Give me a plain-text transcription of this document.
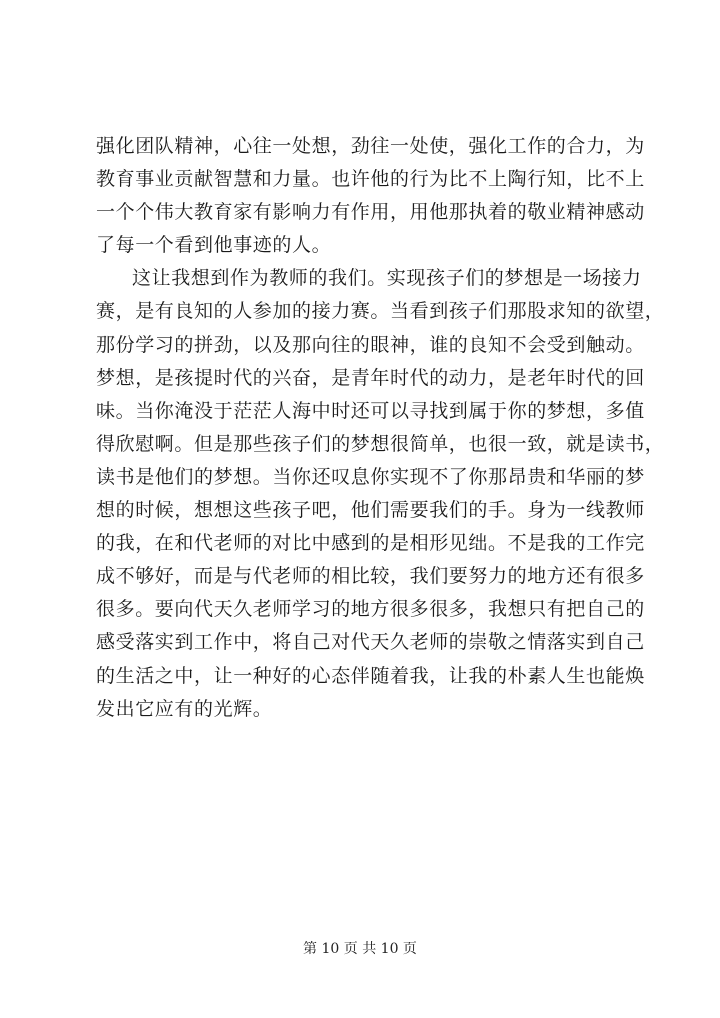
强化团队精神，心往一处想，劲往一处使，强化工作的合力，为
教育事业贡献智慧和力量。也许他的行为比不上陶行知，比不上
一个个伟大教育家有影响力有作用，用他那执着的敬业精神感动
了每一个看到他事迹的人。
这让我想到作为教师的我们。实现孩子们的梦想是一场接力
赛，是有良知的人参加的接力赛。当看到孩子们那股求知的欲望，
那份学习的拼劲，以及那向往的眼神，谁的良知不会受到触动。
梦想，是孩提时代的兴奋，是青年时代的动力，是老年时代的回
味。当你淹没于茫茫人海中时还可以寻找到属于你的梦想，多值
得欣慰啊。但是那些孩子们的梦想很简单，也很一致，就是读书，
读书是他们的梦想。当你还叹息你实现不了你那昂贵和华丽的梦
想的时候，想想这些孩子吧，他们需要我们的手。身为一线教师
的我，在和代老师的对比中感到的是相形见绌。不是我的工作完
成不够好，而是与代老师的相比较，我们要努力的地方还有很多
很多。要向代天久老师学习的地方很多很多，我想只有把自己的
感受落实到工作中，将自己对代天久老师的崇敬之情落实到自己
的生活之中，让一种好的心态伴随着我，让我的朴素人生也能焕
发出它应有的光辉。
第 10 页 共 10 页
